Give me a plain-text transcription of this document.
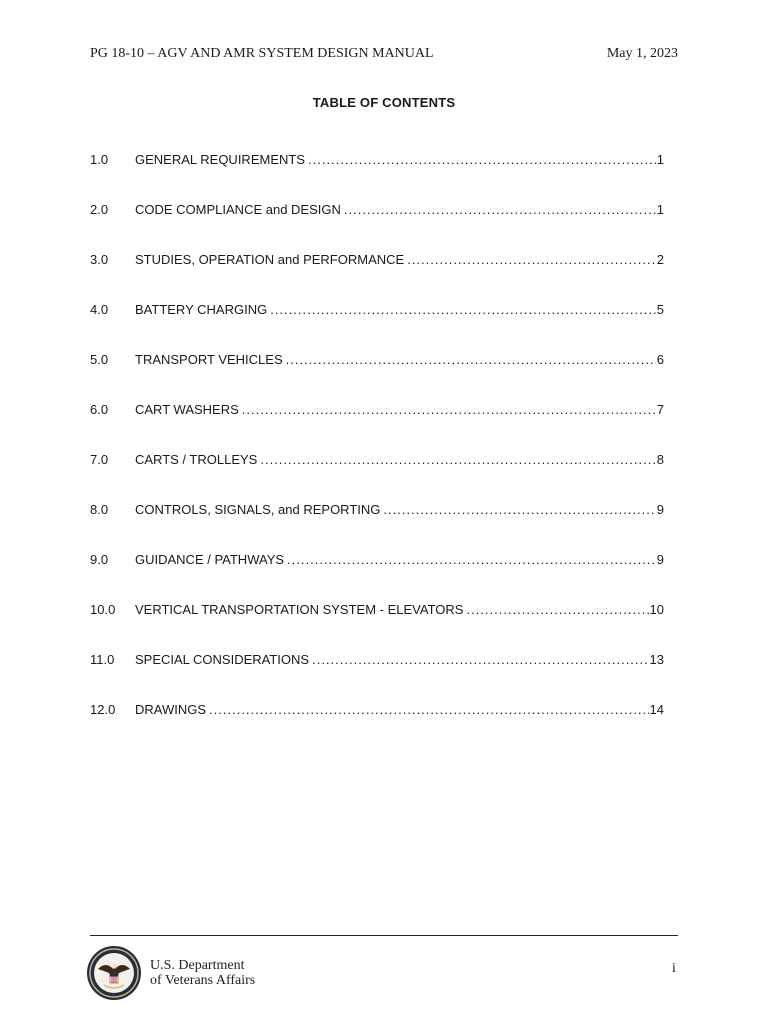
PG 18-10 – AGV AND AMR SYSTEM DESIGN MANUAL	May 1, 2023
TABLE OF CONTENTS
1.0	GENERAL REQUIREMENTS .....	1
2.0	CODE COMPLIANCE and DESIGN .....	1
3.0	STUDIES, OPERATION and PERFORMANCE .....	2
4.0	BATTERY CHARGING .....	5
5.0	TRANSPORT VEHICLES .....	6
6.0	CART WASHERS .....	7
7.0	CARTS / TROLLEYS .....	8
8.0	CONTROLS, SIGNALS, and REPORTING .....	9
9.0	GUIDANCE / PATHWAYS .....	9
10.0	VERTICAL TRANSPORTATION SYSTEM - ELEVATORS .....	10
11.0	SPECIAL CONSIDERATIONS .....	13
12.0	DRAWINGS .....	14
U.S. Department
of Veterans Affairs
i
